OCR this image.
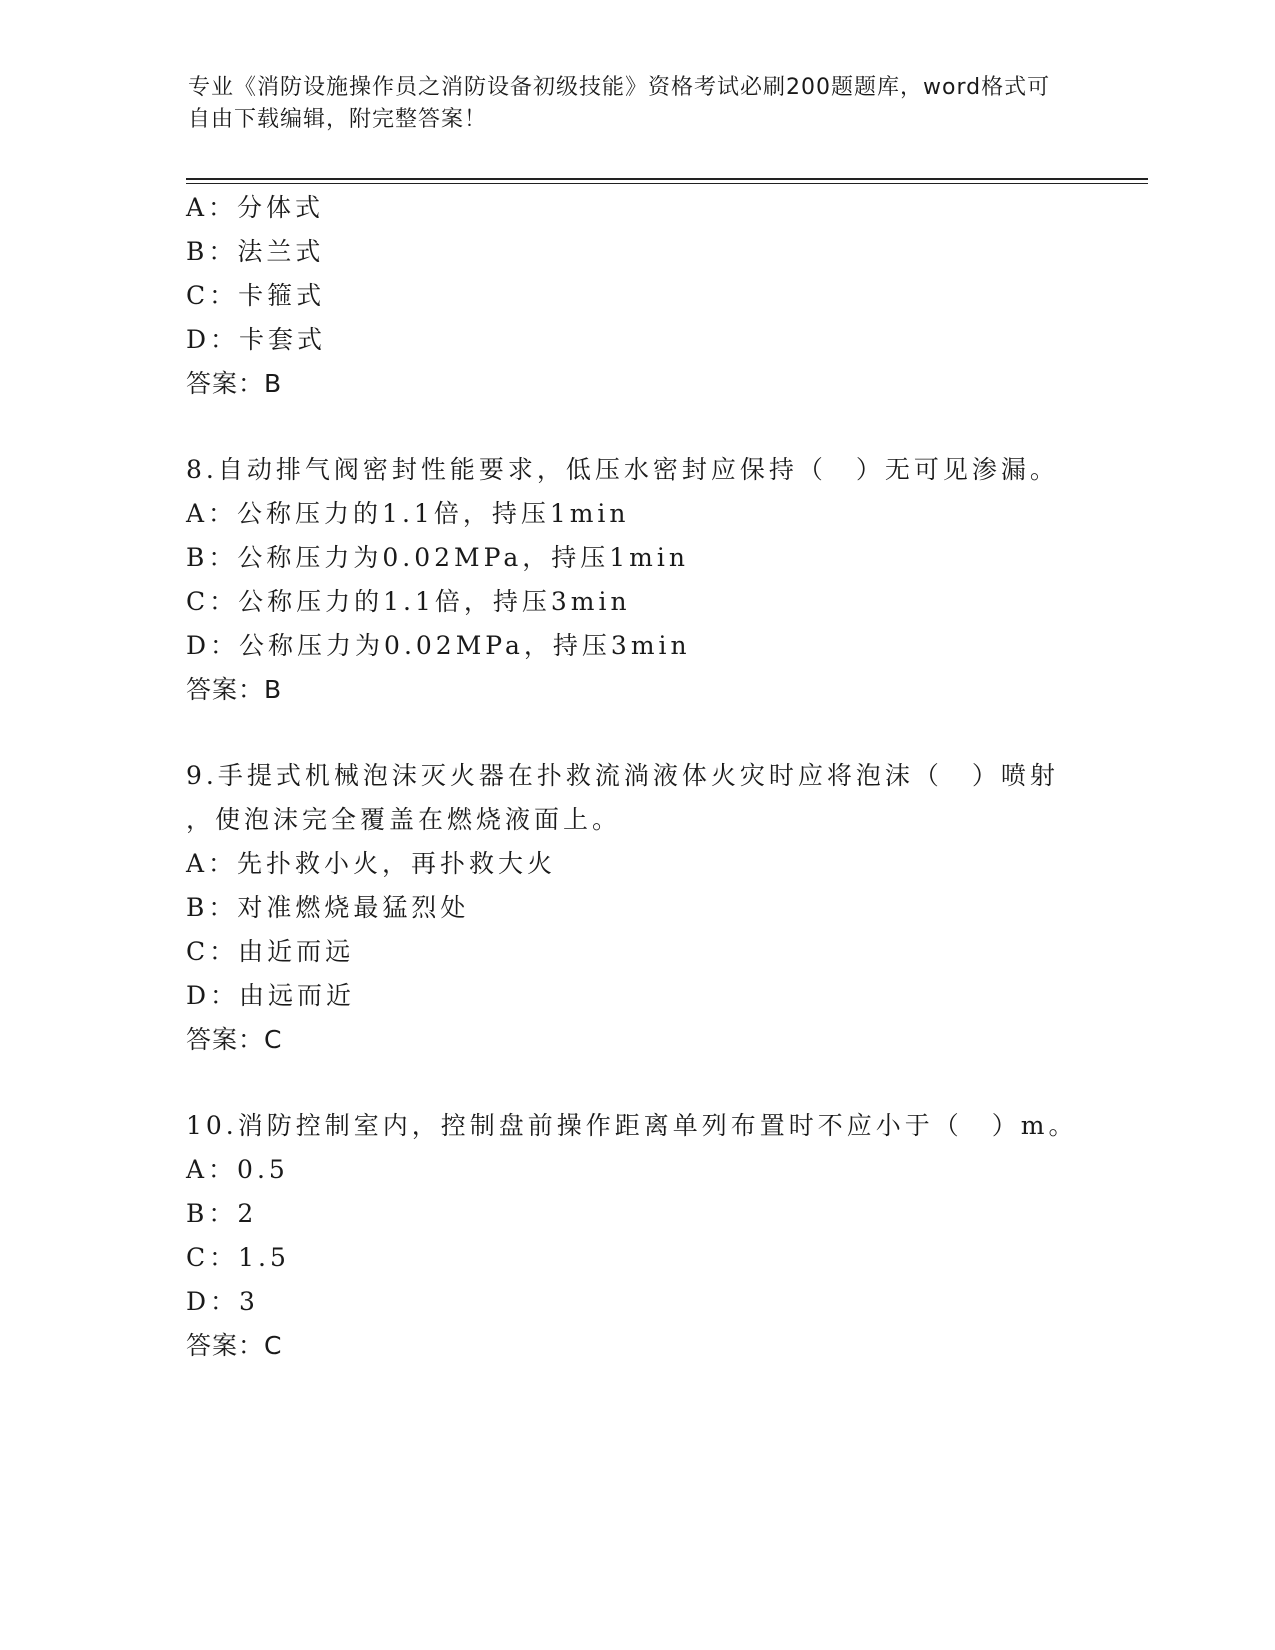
专业《消防设施操作员之消防设备初级技能》资格考试必刷200题题库，word格式可自由下载编辑，附完整答案！
A：分体式
B：法兰式
C：卡箍式
D：卡套式
答案：B
8.自动排气阀密封性能要求，低压水密封应保持（　）无可见渗漏。
A：公称压力的1.1倍，持压1min
B：公称压力为0.02MPa，持压1min
C：公称压力的1.1倍，持压3min
D：公称压力为0.02MPa，持压3min
答案：B
9.手提式机械泡沫灭火器在扑救流淌液体火灾时应将泡沫（　）喷射
，使泡沫完全覆盖在燃烧液面上。
A：先扑救小火，再扑救大火
B：对准燃烧最猛烈处
C：由近而远
D：由远而近
答案：C
10.消防控制室内，控制盘前操作距离单列布置时不应小于（　）m。
A：0.5
B：2
C：1.5
D：3
答案：C
